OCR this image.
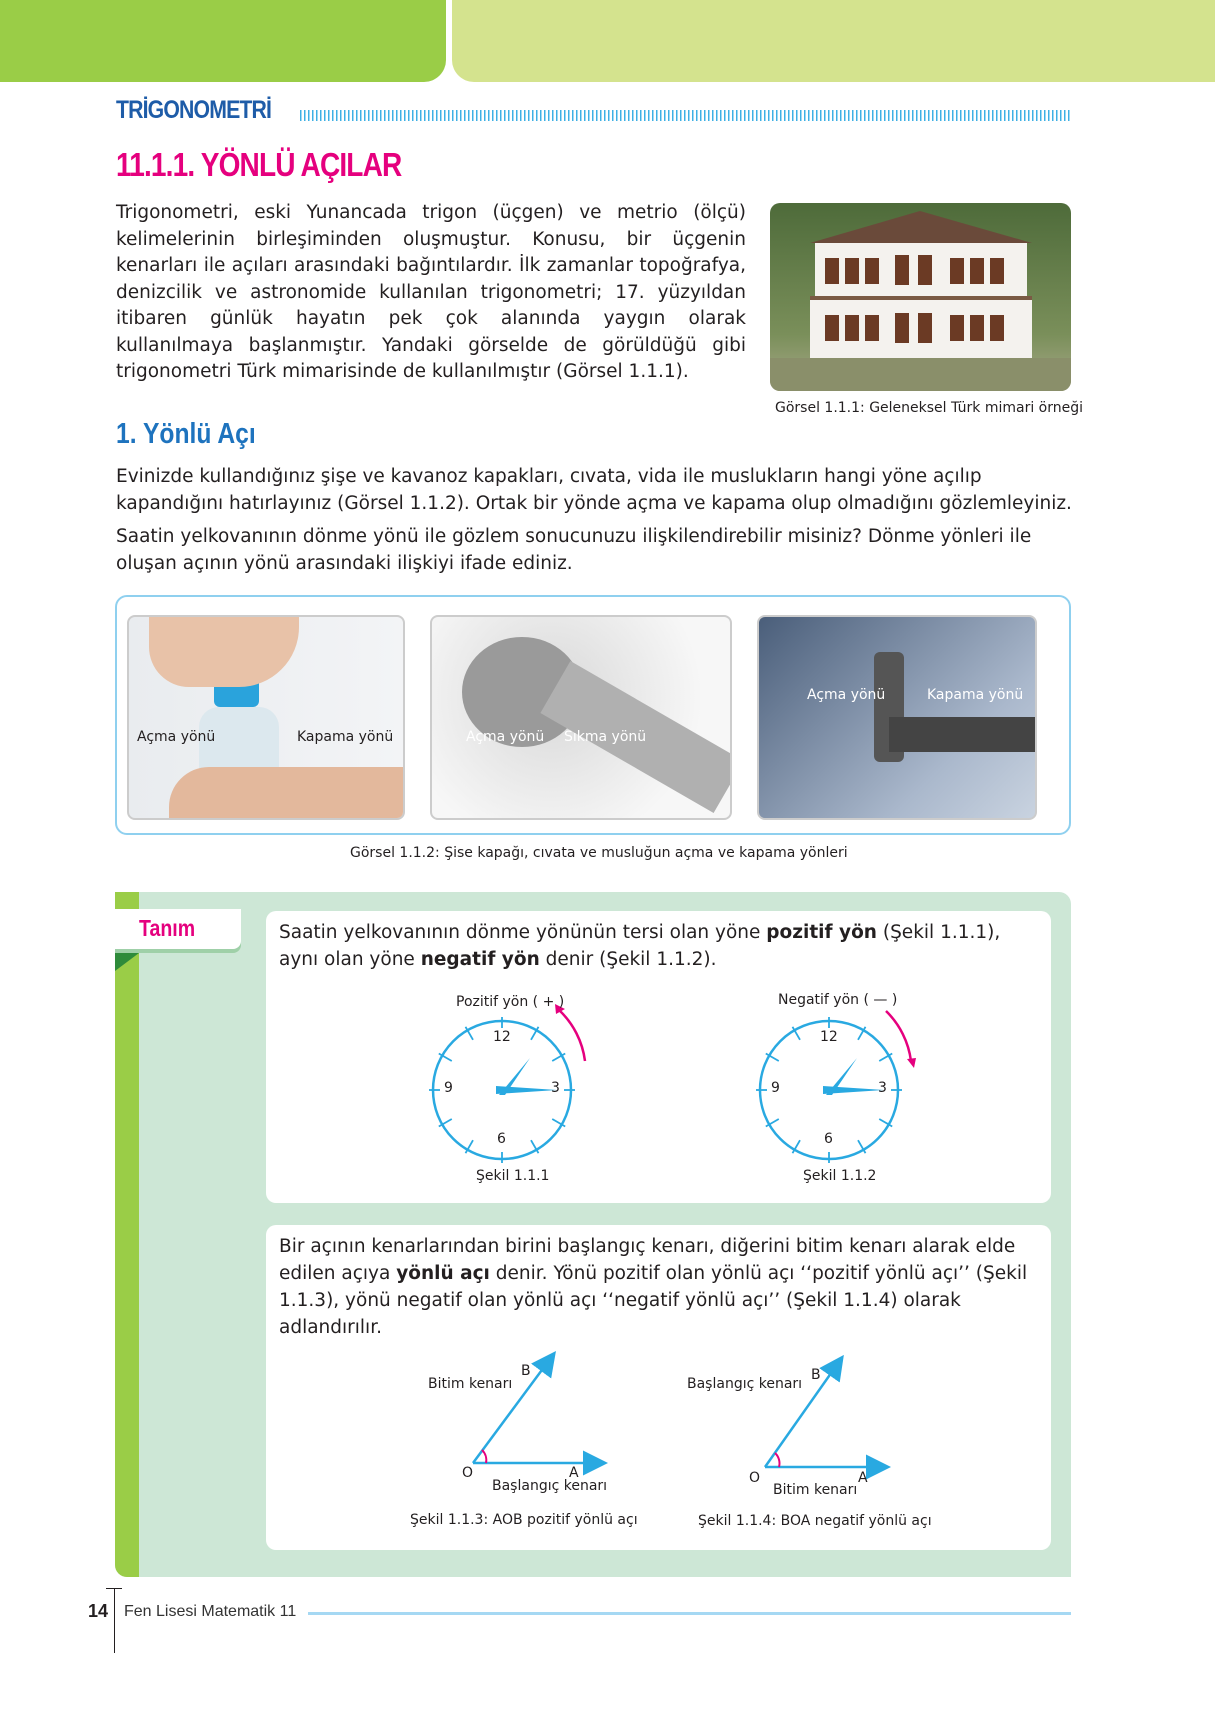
TRİGONOMETRİ
11.1.1. YÖNLÜ AÇILAR
Trigonometri, eski Yunancada trigon (üçgen) ve metrio (ölçü) kelimelerinin birleşiminden oluşmuştur. Konusu, bir üçgenin kenarları ile açıları arasındaki bağıntılardır. İlk zamanlar topoğrafya, denizcilik ve astronomide kullanılan trigonometri; 17. yüzyıldan itibaren günlük hayatın pek çok alanında yaygın olarak kullanılmaya başlanmıştır. Yandaki görselde de görüldüğü gibi trigonometri Türk mimarisinde de kullanılmıştır (Görsel 1.1.1).
Görsel 1.1.1: Geleneksel Türk mimari örneği
1. Yönlü Açı
Evinizde kullandığınız şişe ve kavanoz kapakları, cıvata, vida ile muslukların hangi yöne açılıp kapandığını hatırlayınız (Görsel 1.1.2). Ortak bir yönde açma ve kapama olup olmadığını gözlemleyiniz.
Saatin yelkovanının dönme yönü ile gözlem sonucunuzu ilişkilendirebilir misiniz? Dönme yönleri ile oluşan açının yönü arasındaki ilişkiyi ifade ediniz.
Açma yönü	Kapama yönü	Açma yönü Sıkma yönü
Açma yönü	Kapama yönü
Görsel 1.1.2: Şise kapağı, cıvata ve musluğun açma ve kapama yönleri
Tanım	Saatin yelkovanının dönme yönünün tersi olan yöne pozitif yön (Şekil 1.1.1), aynı olan yöne negatif yön denir (Şekil 1.1.2).
Pozitif yön ( + )	Negatif yön ( — )
Şekil 1.1.1	Şekil 1.1.2
12
3
6
9
12
3
6
9
Bir açının kenarlarından birini başlangıç kenarı, diğerini bitim kenarı alarak elde edilen açıya yönlü açı denir. Yönü pozitif olan yönlü açı ‘‘pozitif yönlü açı’’ (Şekil 1.1.3), yönü negatif olan yönlü açı ‘‘negatif yönlü açı’’ (Şekil 1.1.4) olarak adlandırılır.
Bitim kenarı
B
O	A
Başlangıç kenarı
Şekil 1.1.3: AOB pozitif yönlü açı
Başlangıç kenarı
B
O	A
Bitim kenarı
Şekil 1.1.4: BOA negatif yönlü açı
14 Fen Lisesi Matematik 11
